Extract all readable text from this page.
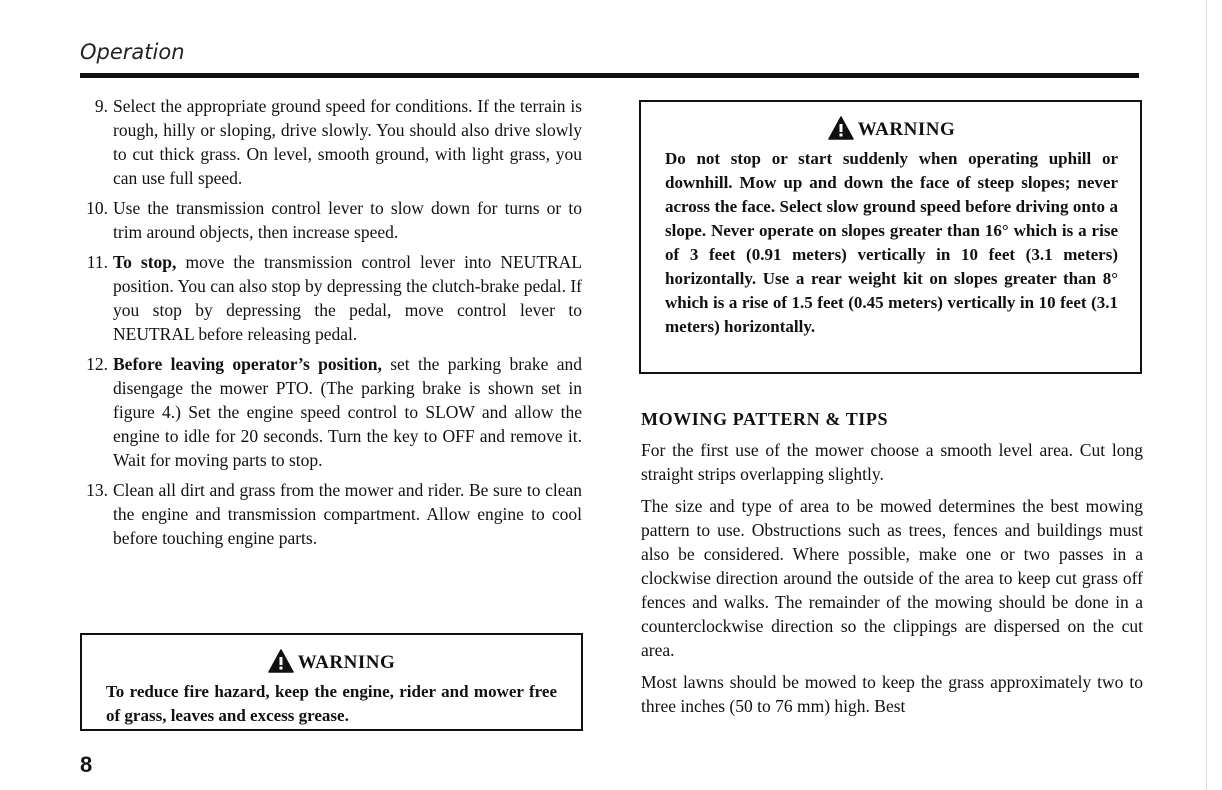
Operation
9. Select the appropriate ground speed for conditions. If the terrain is rough, hilly or sloping, drive slowly. You should also drive slowly to cut thick grass. On level, smooth ground, with light grass, you can use full speed.
10. Use the transmission control lever to slow down for turns or to trim around objects, then increase speed.
11. To stop, move the transmission control lever into NEUTRAL position. You can also stop by depressing the clutch-brake pedal. If you stop by depressing the pedal, move control lever to NEUTRAL before releasing pedal.
12. Before leaving operator’s position, set the parking brake and disengage the mower PTO. (The parking brake is shown set in figure 4.) Set the engine speed control to SLOW and allow the engine to idle for 20 seconds. Turn the key to OFF and remove it. Wait for moving parts to stop.
13. Clean all dirt and grass from the mower and rider. Be sure to clean the engine and transmission compartment. Allow engine to cool before touching engine parts.
WARNING
To reduce fire hazard, keep the engine, rider and mower free of grass, leaves and excess grease.
WARNING
Do not stop or start suddenly when operating uphill or downhill. Mow up and down the face of steep slopes; never across the face. Select slow ground speed before driving onto a slope. Never operate on slopes greater than 16° which is a rise of 3 feet (0.91 meters) vertically in 10 feet (3.1 meters) horizontally. Use a rear weight kit on slopes greater than 8° which is a rise of 1.5 feet (0.45 meters) vertically in 10 feet (3.1 meters) horizontally.
MOWING PATTERN & TIPS

For the first use of the mower choose a smooth level area. Cut long straight strips overlapping slightly.

The size and type of area to be mowed determines the best mowing pattern to use. Obstructions such as trees, fences and buildings must also be considered. Where possible, make one or two passes in a clockwise direction around the outside of the area to keep cut grass off fences and walks. The remainder of the mowing should be done in a counterclockwise direction so the clippings are dispersed on the cut area.

Most lawns should be mowed to keep the grass approximately two to three inches (50 to 76 mm) high. Best

8
